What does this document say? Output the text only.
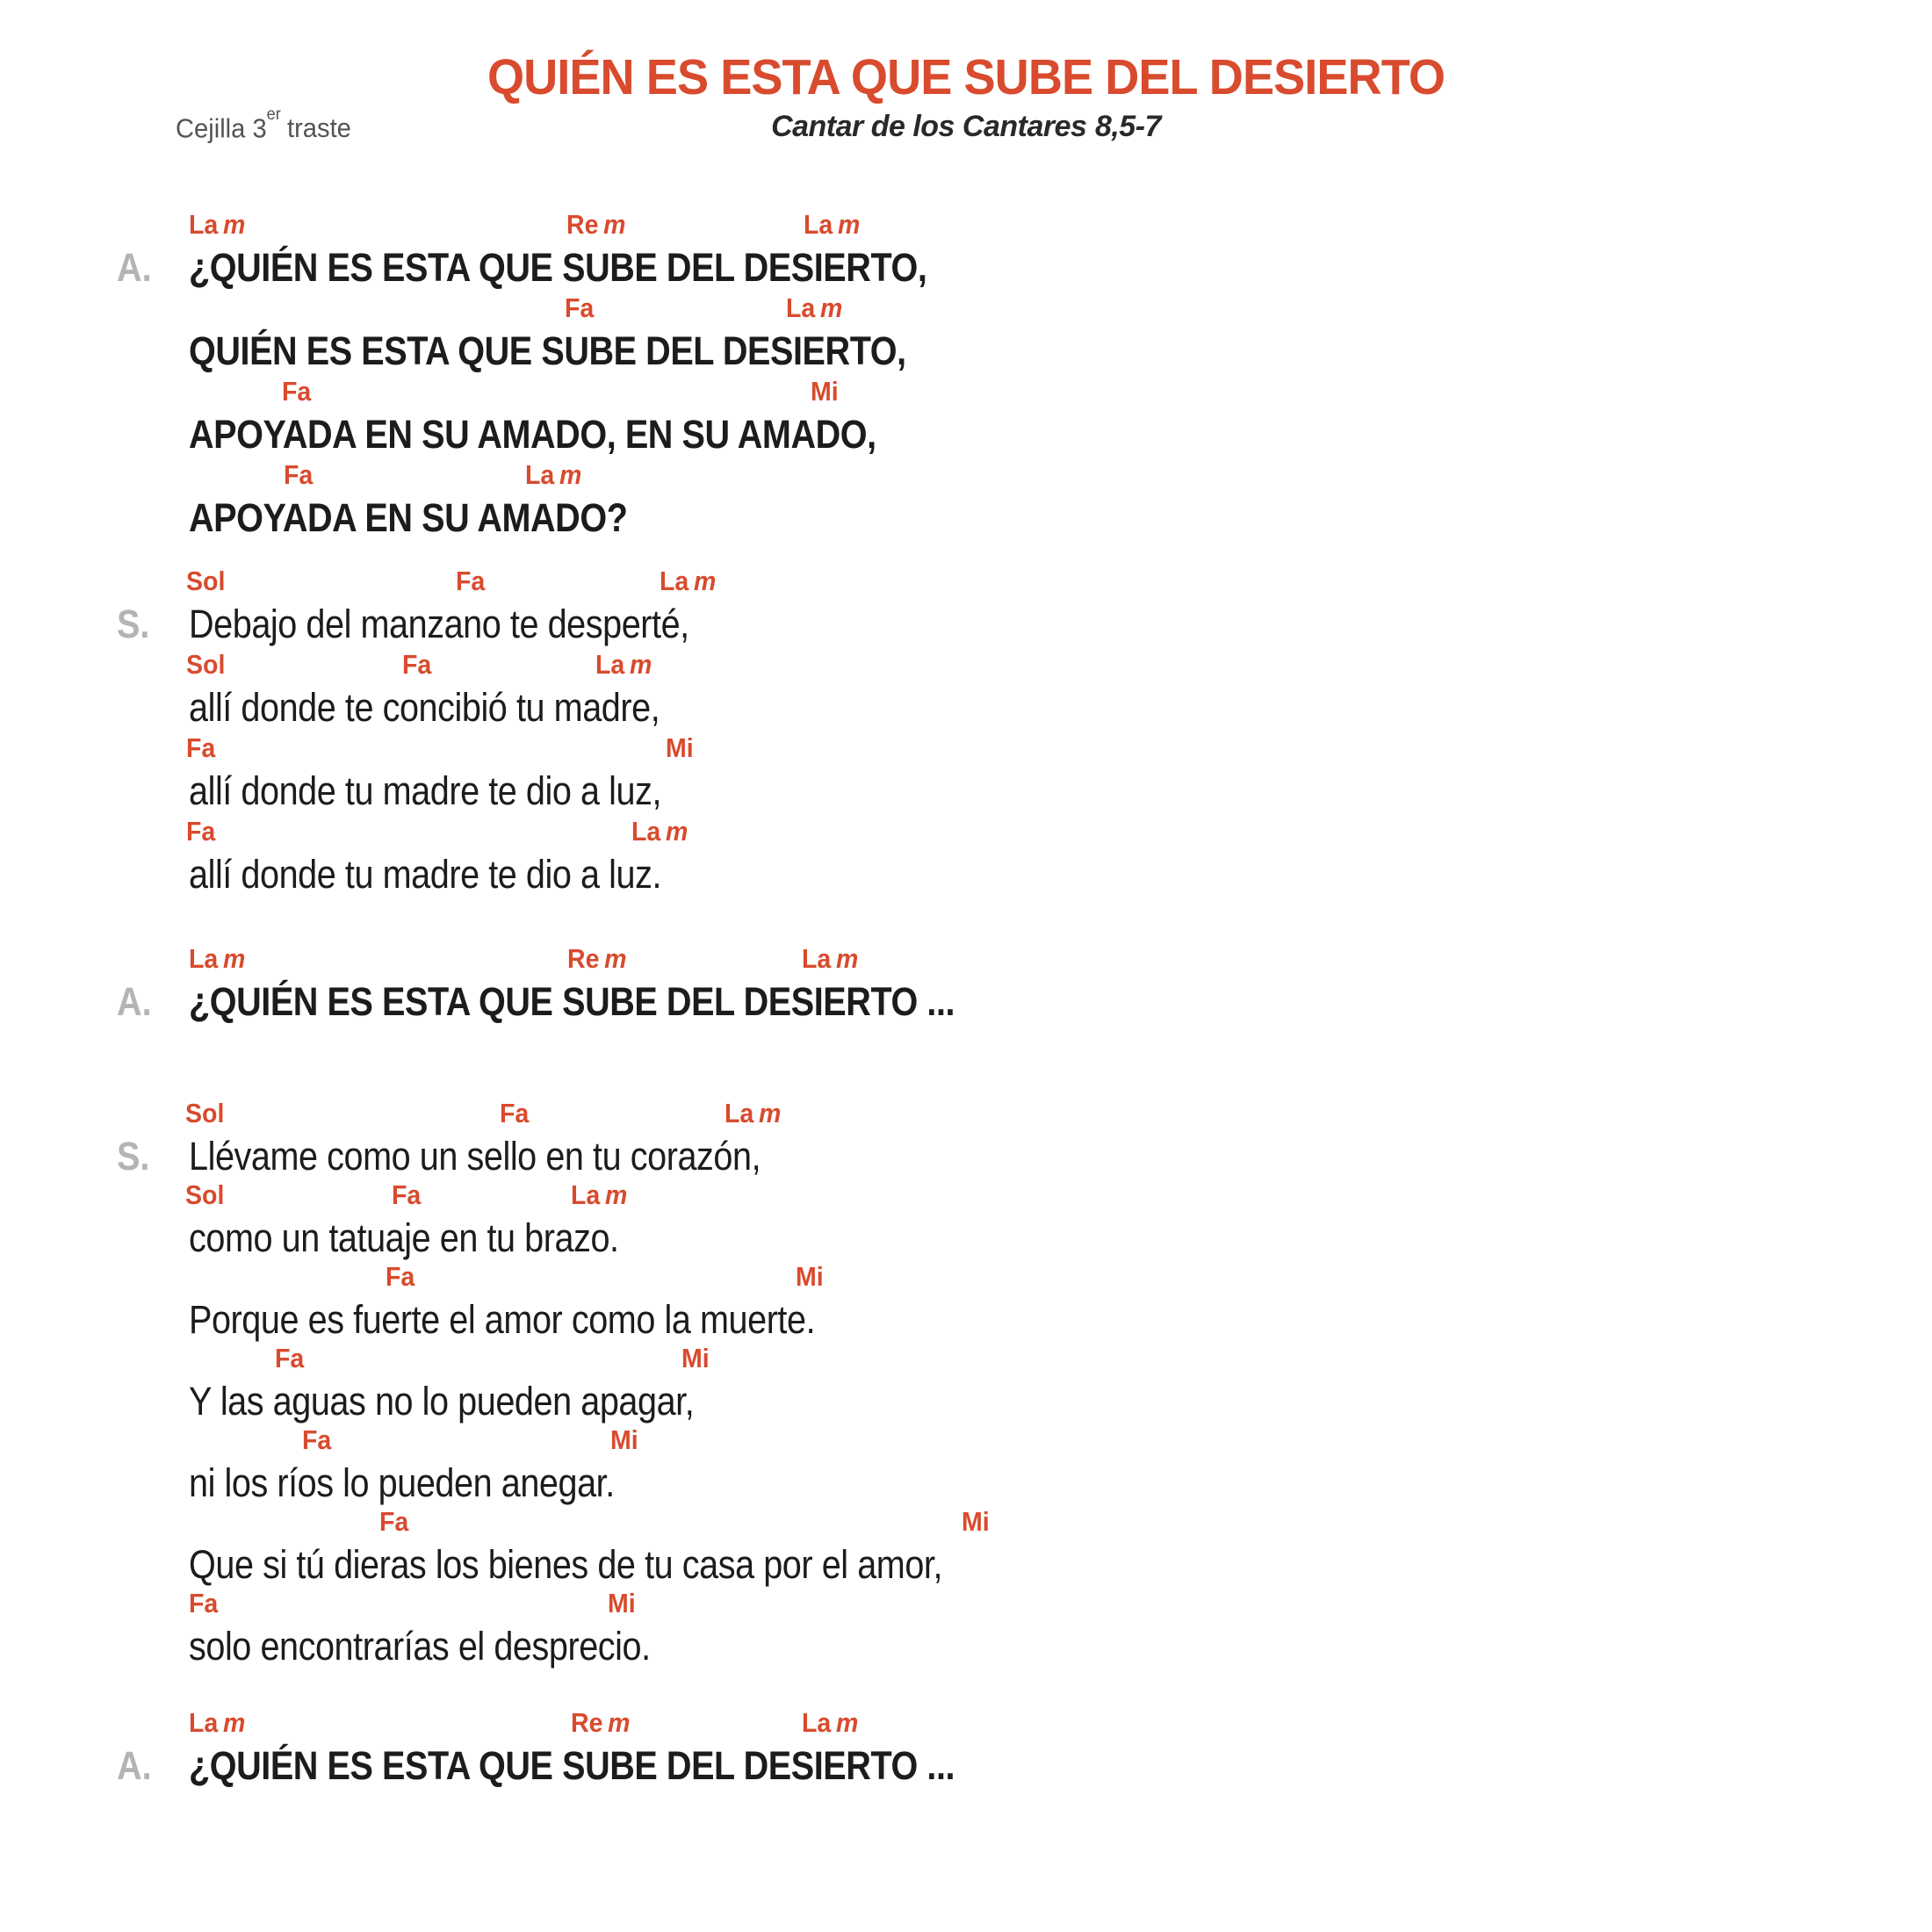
QUIÉN ES ESTA QUE SUBE DEL DESIERTO
Cejilla 3er traste	Cantar de los Cantares 8,5-7
La m	Re m	La m
A. ¿QUIÉN ES ESTA QUE SUBE DEL DESIERTO,
Fa	La m
QUIÉN ES ESTA QUE SUBE DEL DESIERTO,
Fa	Mi
APOYADA EN SU AMADO, EN SU AMADO,
Fa	La m
APOYADA EN SU AMADO?
Sol	Fa	La m
S. Debajo del manzano te desperté,
Sol	Fa	La m
allí donde te concibió tu madre,
Fa	Mi
allí donde tu madre te dio a luz,
Fa	La m
allí donde tu madre te dio a luz.
La m	Re m	La m
A. ¿QUIÉN ES ESTA QUE SUBE DEL DESIERTO ...
Sol	Fa	La m
S. Llévame como un sello en tu corazón,
Sol	Fa	La m
como un tatuaje en tu brazo.
Fa	Mi
Porque es fuerte el amor como la muerte.
Fa	Mi
Y las aguas no lo pueden apagar,
Fa	Mi
ni los ríos lo pueden anegar.
Fa	Mi
Que si tú dieras los bienes de tu casa por el amor,
Fa	Mi
solo encontrarías el desprecio.
La m	Re m	La m
A. ¿QUIÉN ES ESTA QUE SUBE DEL DESIERTO ...
